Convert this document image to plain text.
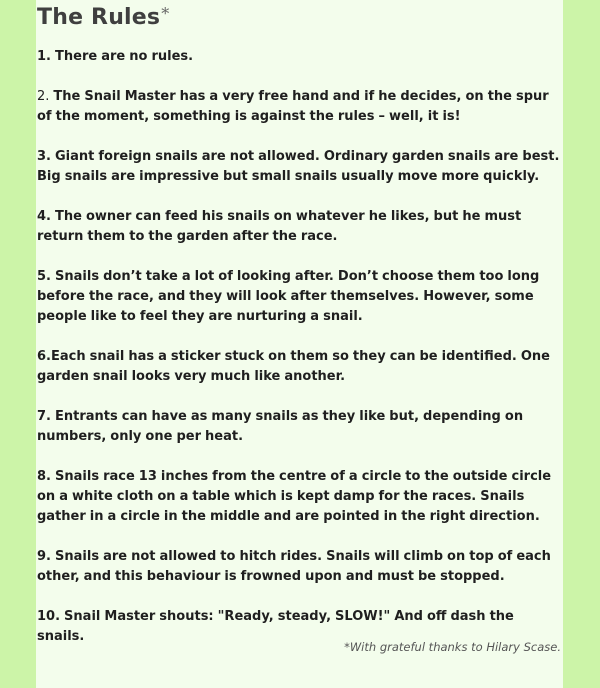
The Rules *
1. There are no rules.
2. The Snail Master has a very free hand and if he decides, on the spur of the moment, something is against the rules – well, it is!
3. Giant foreign snails are not allowed. Ordinary garden snails are best. Big snails are impressive but small snails usually move more quickly.
4. The owner can feed his snails on whatever he likes, but he must return them to the garden after the race.
5. Snails don’t take a lot of looking after. Don’t choose them too long before the race, and they will look after themselves. However, some people like to feel they are nurturing a snail.
6.Each snail has a sticker stuck on them so they can be identified. One garden snail looks very much like another.
7. Entrants can have as many snails as they like but, depending on numbers, only one per heat.
8. Snails race 13 inches from the centre of a circle to the outside circle on a white cloth on a table which is kept damp for the races. Snails gather in a circle in the middle and are pointed in the right direction.
9. Snails are not allowed to hitch rides. Snails will climb on top of each other, and this behaviour is frowned upon and must be stopped.
10. Snail Master shouts: "Ready, steady, SLOW!" And off dash the snails.
*With grateful thanks to Hilary Scase.
